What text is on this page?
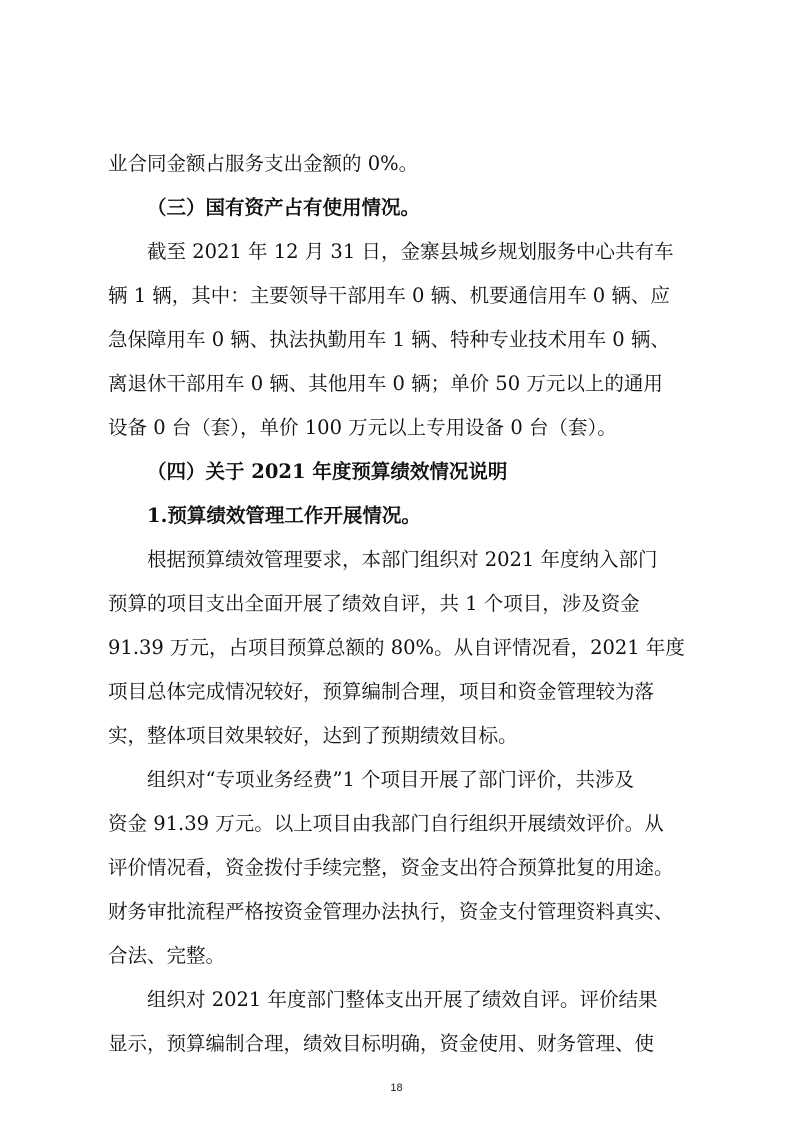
业合同金额占服务支出金额的 0%。
（三）国有资产占有使用情况。
截至 2021 年 12 月 31 日，金寨县城乡规划服务中心共有车
辆 1 辆，其中：主要领导干部用车 0 辆、机要通信用车 0 辆、应
急保障用车 0 辆、执法执勤用车 1 辆、特种专业技术用车 0 辆、
离退休干部用车 0 辆、其他用车 0 辆；单价 50 万元以上的通用
设备 0 台（套），单价 100 万元以上专用设备 0 台（套）。
（四）关于 2021 年度预算绩效情况说明
1.预算绩效管理工作开展情况。
根据预算绩效管理要求，本部门组织对 2021 年度纳入部门
预算的项目支出全面开展了绩效自评，共 1 个项目，涉及资金
91.39 万元，占项目预算总额的 80%。从自评情况看，2021 年度
项目总体完成情况较好，预算编制合理，项目和资金管理较为落
实，整体项目效果较好，达到了预期绩效目标。
组织对“专项业务经费”1 个项目开展了部门评价，共涉及
资金 91.39 万元。以上项目由我部门自行组织开展绩效评价。从
评价情况看，资金拨付手续完整，资金支出符合预算批复的用途。
财务审批流程严格按资金管理办法执行，资金支付管理资料真实、
合法、完整。
组织对 2021 年度部门整体支出开展了绩效自评。评价结果
显示，预算编制合理，绩效目标明确，资金使用、财务管理、使
18
